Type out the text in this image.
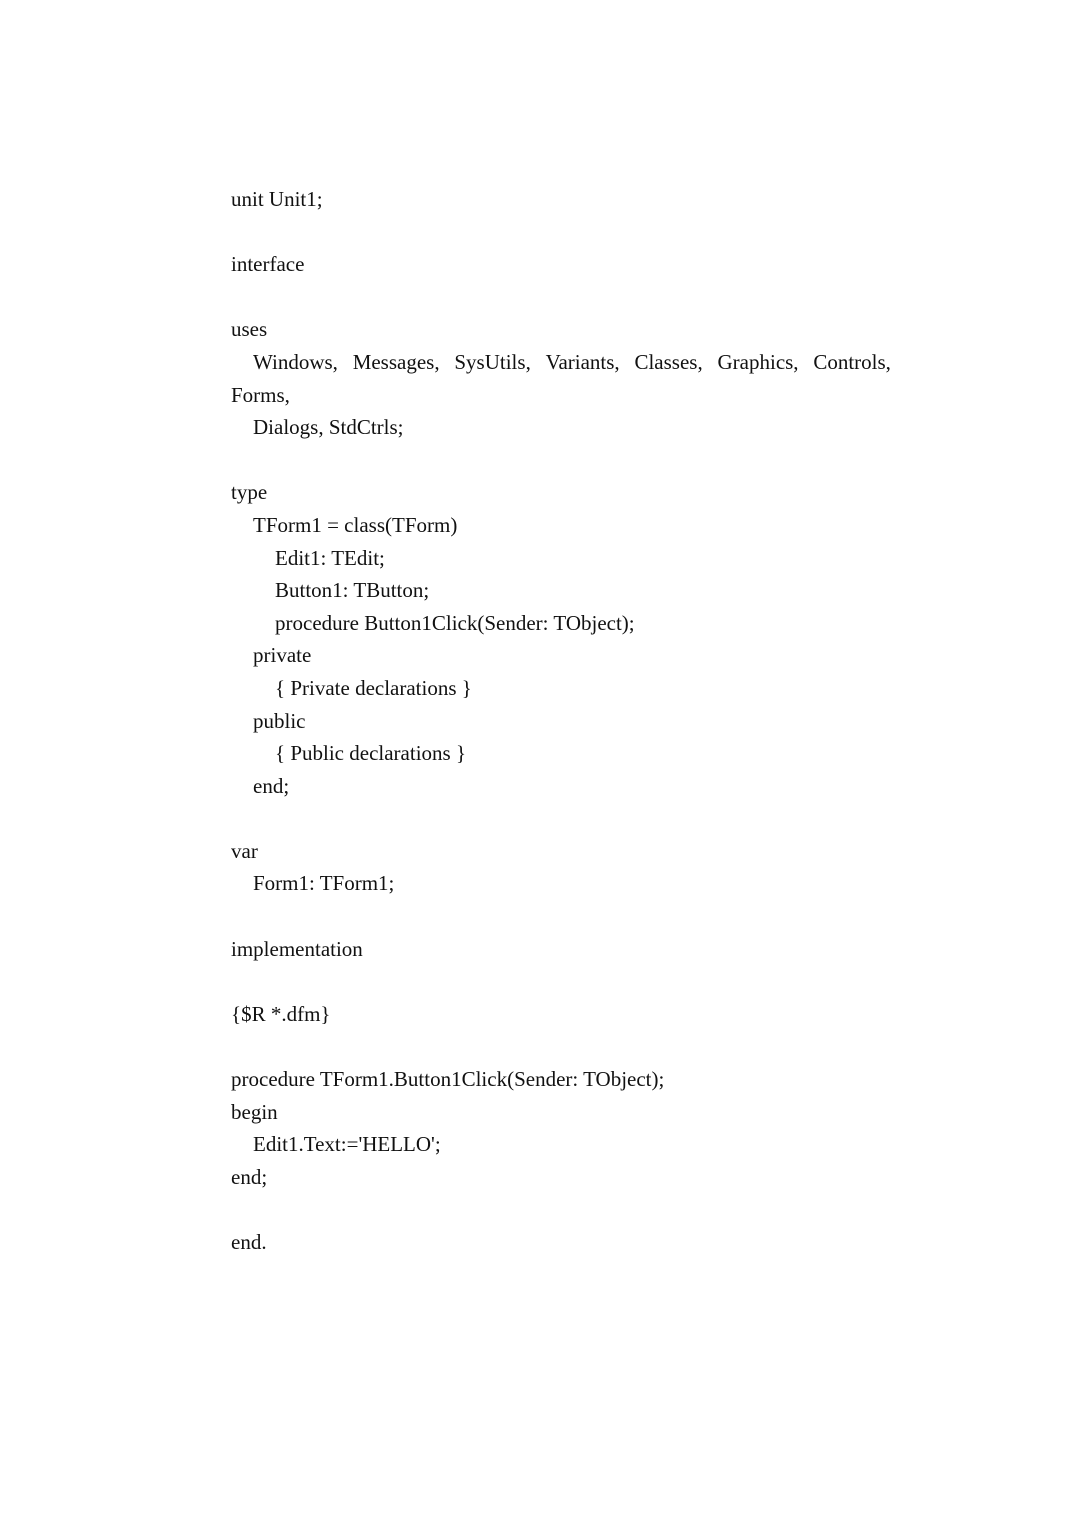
unit Unit1;
interface
uses
Windows, Messages, SysUtils, Variants, Classes, Graphics, Controls,
Forms,
Dialogs, StdCtrls;
type
TForm1 = class(TForm)
Edit1: TEdit;
Button1: TButton;
procedure Button1Click(Sender: TObject);
private
{ Private declarations }
public
{ Public declarations }
end;
var
Form1: TForm1;
implementation
{$R *.dfm}
procedure TForm1.Button1Click(Sender: TObject);
begin
Edit1.Text:='HELLO';
end;
end.
